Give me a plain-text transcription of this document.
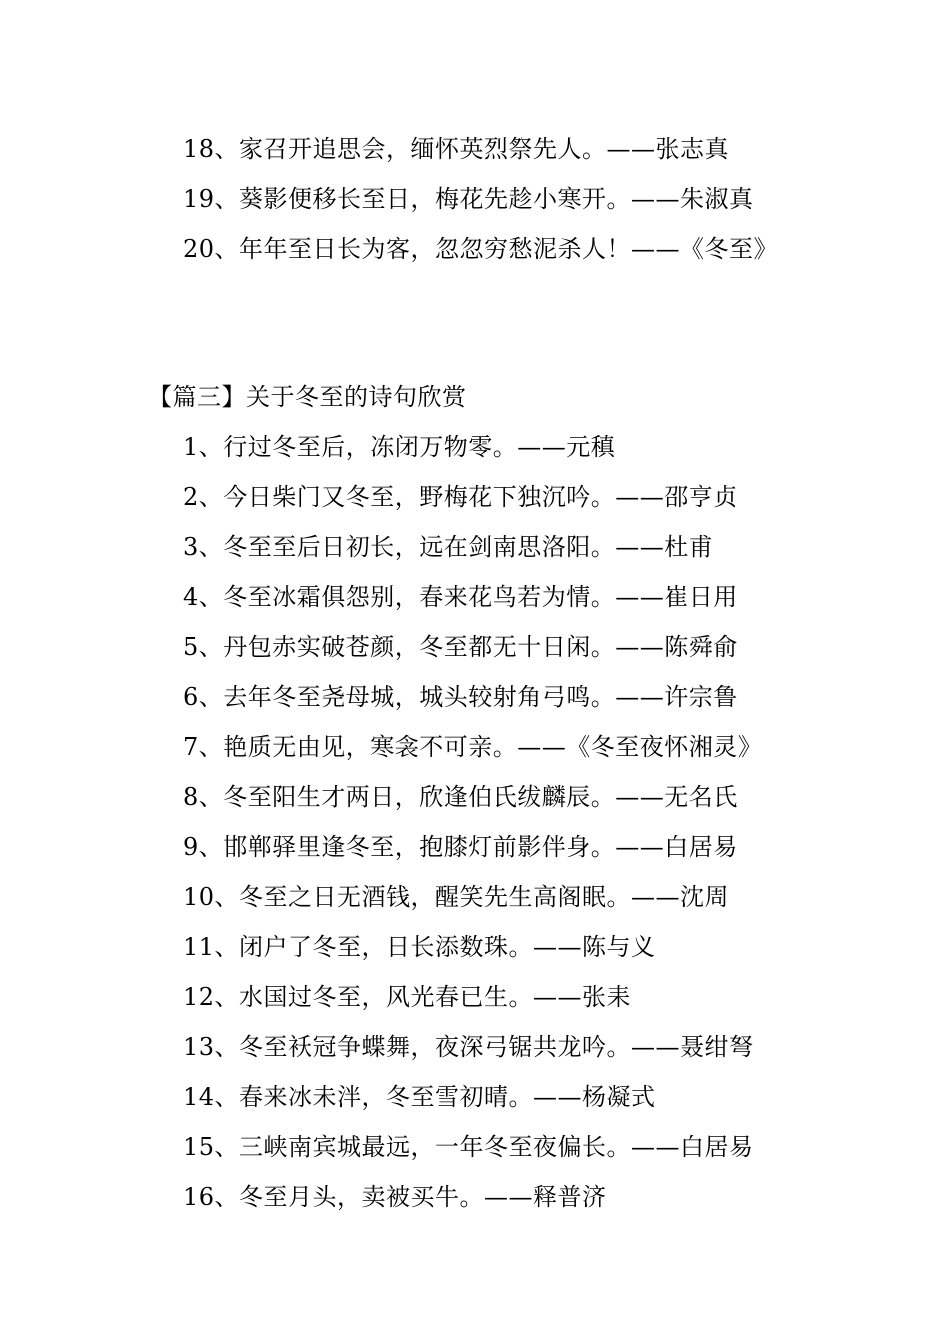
18、家召开追思会，缅怀英烈祭先人。——张志真
19、葵影便移长至日，梅花先趁小寒开。——朱淑真
20、年年至日长为客，忽忽穷愁泥杀人！——《冬至》
【篇三】关于冬至的诗句欣赏
1、行过冬至后，冻闭万物零。——元稹
2、今日柴门又冬至，野梅花下独沉吟。——邵亨贞
3、冬至至后日初长，远在剑南思洛阳。——杜甫
4、冬至冰霜俱怨别，春来花鸟若为情。——崔日用
5、丹包赤实破苍颜，冬至都无十日闲。——陈舜俞
6、去年冬至尧母城，城头较射角弓鸣。——许宗鲁
7、艳质无由见，寒衾不可亲。——《冬至夜怀湘灵》
8、冬至阳生才两日，欣逢伯氏绂麟辰。——无名氏
9、邯郸驿里逢冬至，抱膝灯前影伴身。——白居易
10、冬至之日无酒钱，醒笑先生高阁眠。——沈周
11、闭户了冬至，日长添数珠。——陈与义
12、水国过冬至，风光春已生。——张耒
13、冬至袄冠争蝶舞，夜深弓锯共龙吟。——聂绀弩
14、春来冰未泮，冬至雪初晴。——杨凝式
15、三峡南宾城最远，一年冬至夜偏长。——白居易
16、冬至月头，卖被买牛。——释普济
